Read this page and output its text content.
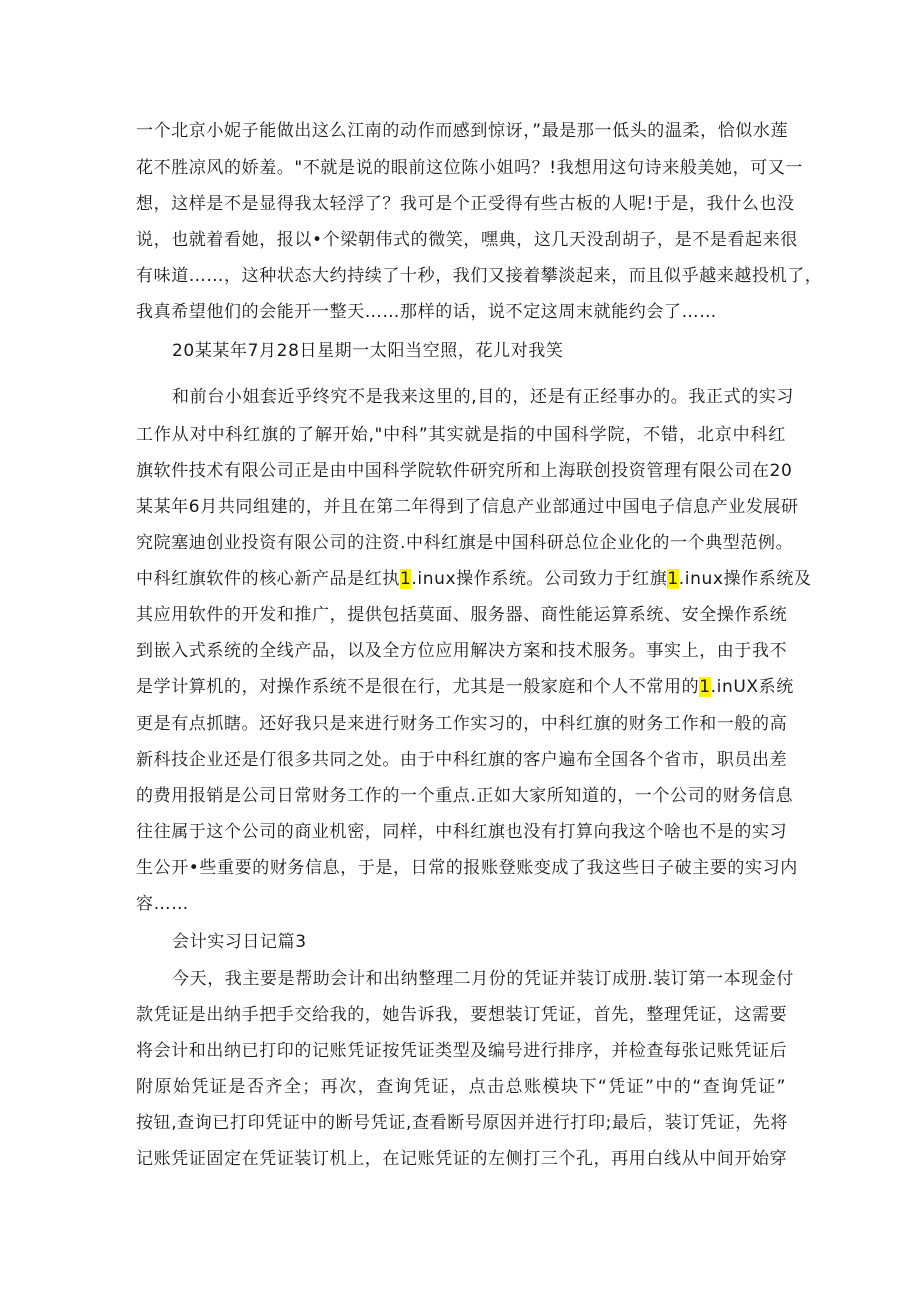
一个北京小妮子能做出这么江南的动作而感到惊讶，”最是那一低头的温柔，恰似水莲

花不胜凉风的娇羞。"不就是说的眼前这位陈小姐吗？!我想用这句诗来般美她，可又一

想，这样是不是显得我太轻浮了？我可是个正受得有些古板的人呢!于是，我什么也没

说，也就着看她，报以•个梁朝伟式的微笑，嘿典，这几天没刮胡子，是不是看起来很

有味道……，这种状态大约持续了十秒，我们又接着攀淡起来，而且似乎越来越投机了，

我真希望他们的会能开一整天……那样的话，说不定这周末就能约会了……

20某某年7月28日星期一太阳当空照，花儿对我笑

和前台小姐套近乎终究不是我来这里的,目的，还是有正经事办的。我正式的实习

工作从对中科红旗的了解开始,"中科”其实就是指的中国科学院，不错，北京中科红

旗软件技术有限公司正是由中国科学院软件研究所和上海联创投资管理有限公司在20

某某年6月共同组建的，并且在第二年得到了信息产业部通过中国电子信息产业发展研

究院塞迪创业投资有限公司的注资.中科红旗是中国科研总位企业化的一个典型范例。

中科红旗软件的核心新产品是红执1.inux操作系统。公司致力于红旗1.inux操作系统及

其应用软件的开发和推广，提供包括莫面、服务器、商性能运算系统、安全操作系统

到嵌入式系统的全线产品，以及全方位应用解决方案和技术服务。事实上，由于我不

是学计算机的，对操作系统不是很在行，尤其是一般家庭和个人不常用的1.inUX系统

更是有点抓瞎。还好我只是来进行财务工作实习的，中科红旗的财务工作和一般的高

新科技企业还是仃很多共同之处。由于中科红旗的客户遍布全国各个省市，职员出差

的费用报销是公司日常财务工作的一个重点.正如大家所知道的，一个公司的财务信息

往往属于这个公司的商业机密，同样，中科红旗也没有打算向我这个啥也不是的实习

生公开•些重要的财务信息，于是，日常的报账登账变成了我这些日子破主要的实习内

容……

会计实习日记篇3

今天，我主要是帮助会计和出纳整理二月份的凭证并装订成册.装订第一本现金付

款凭证是出纳手把手交给我的，她告诉我，要想装订凭证，首先，整理凭证，这需要

将会计和出纳已打印的记账凭证按凭证类型及编号进行排序，并检查每张记账凭证后

附原始凭证是否齐全；再次，查询凭证，点击总账模块下“凭证”中的“查询凭证”

按钮,查询已打印凭证中的断号凭证,查看断号原因并进行打印;最后，装订凭证，先将

记账凭证固定在凭证装订机上，在记账凭证的左侧打三个孔，再用白线从中间开始穿
